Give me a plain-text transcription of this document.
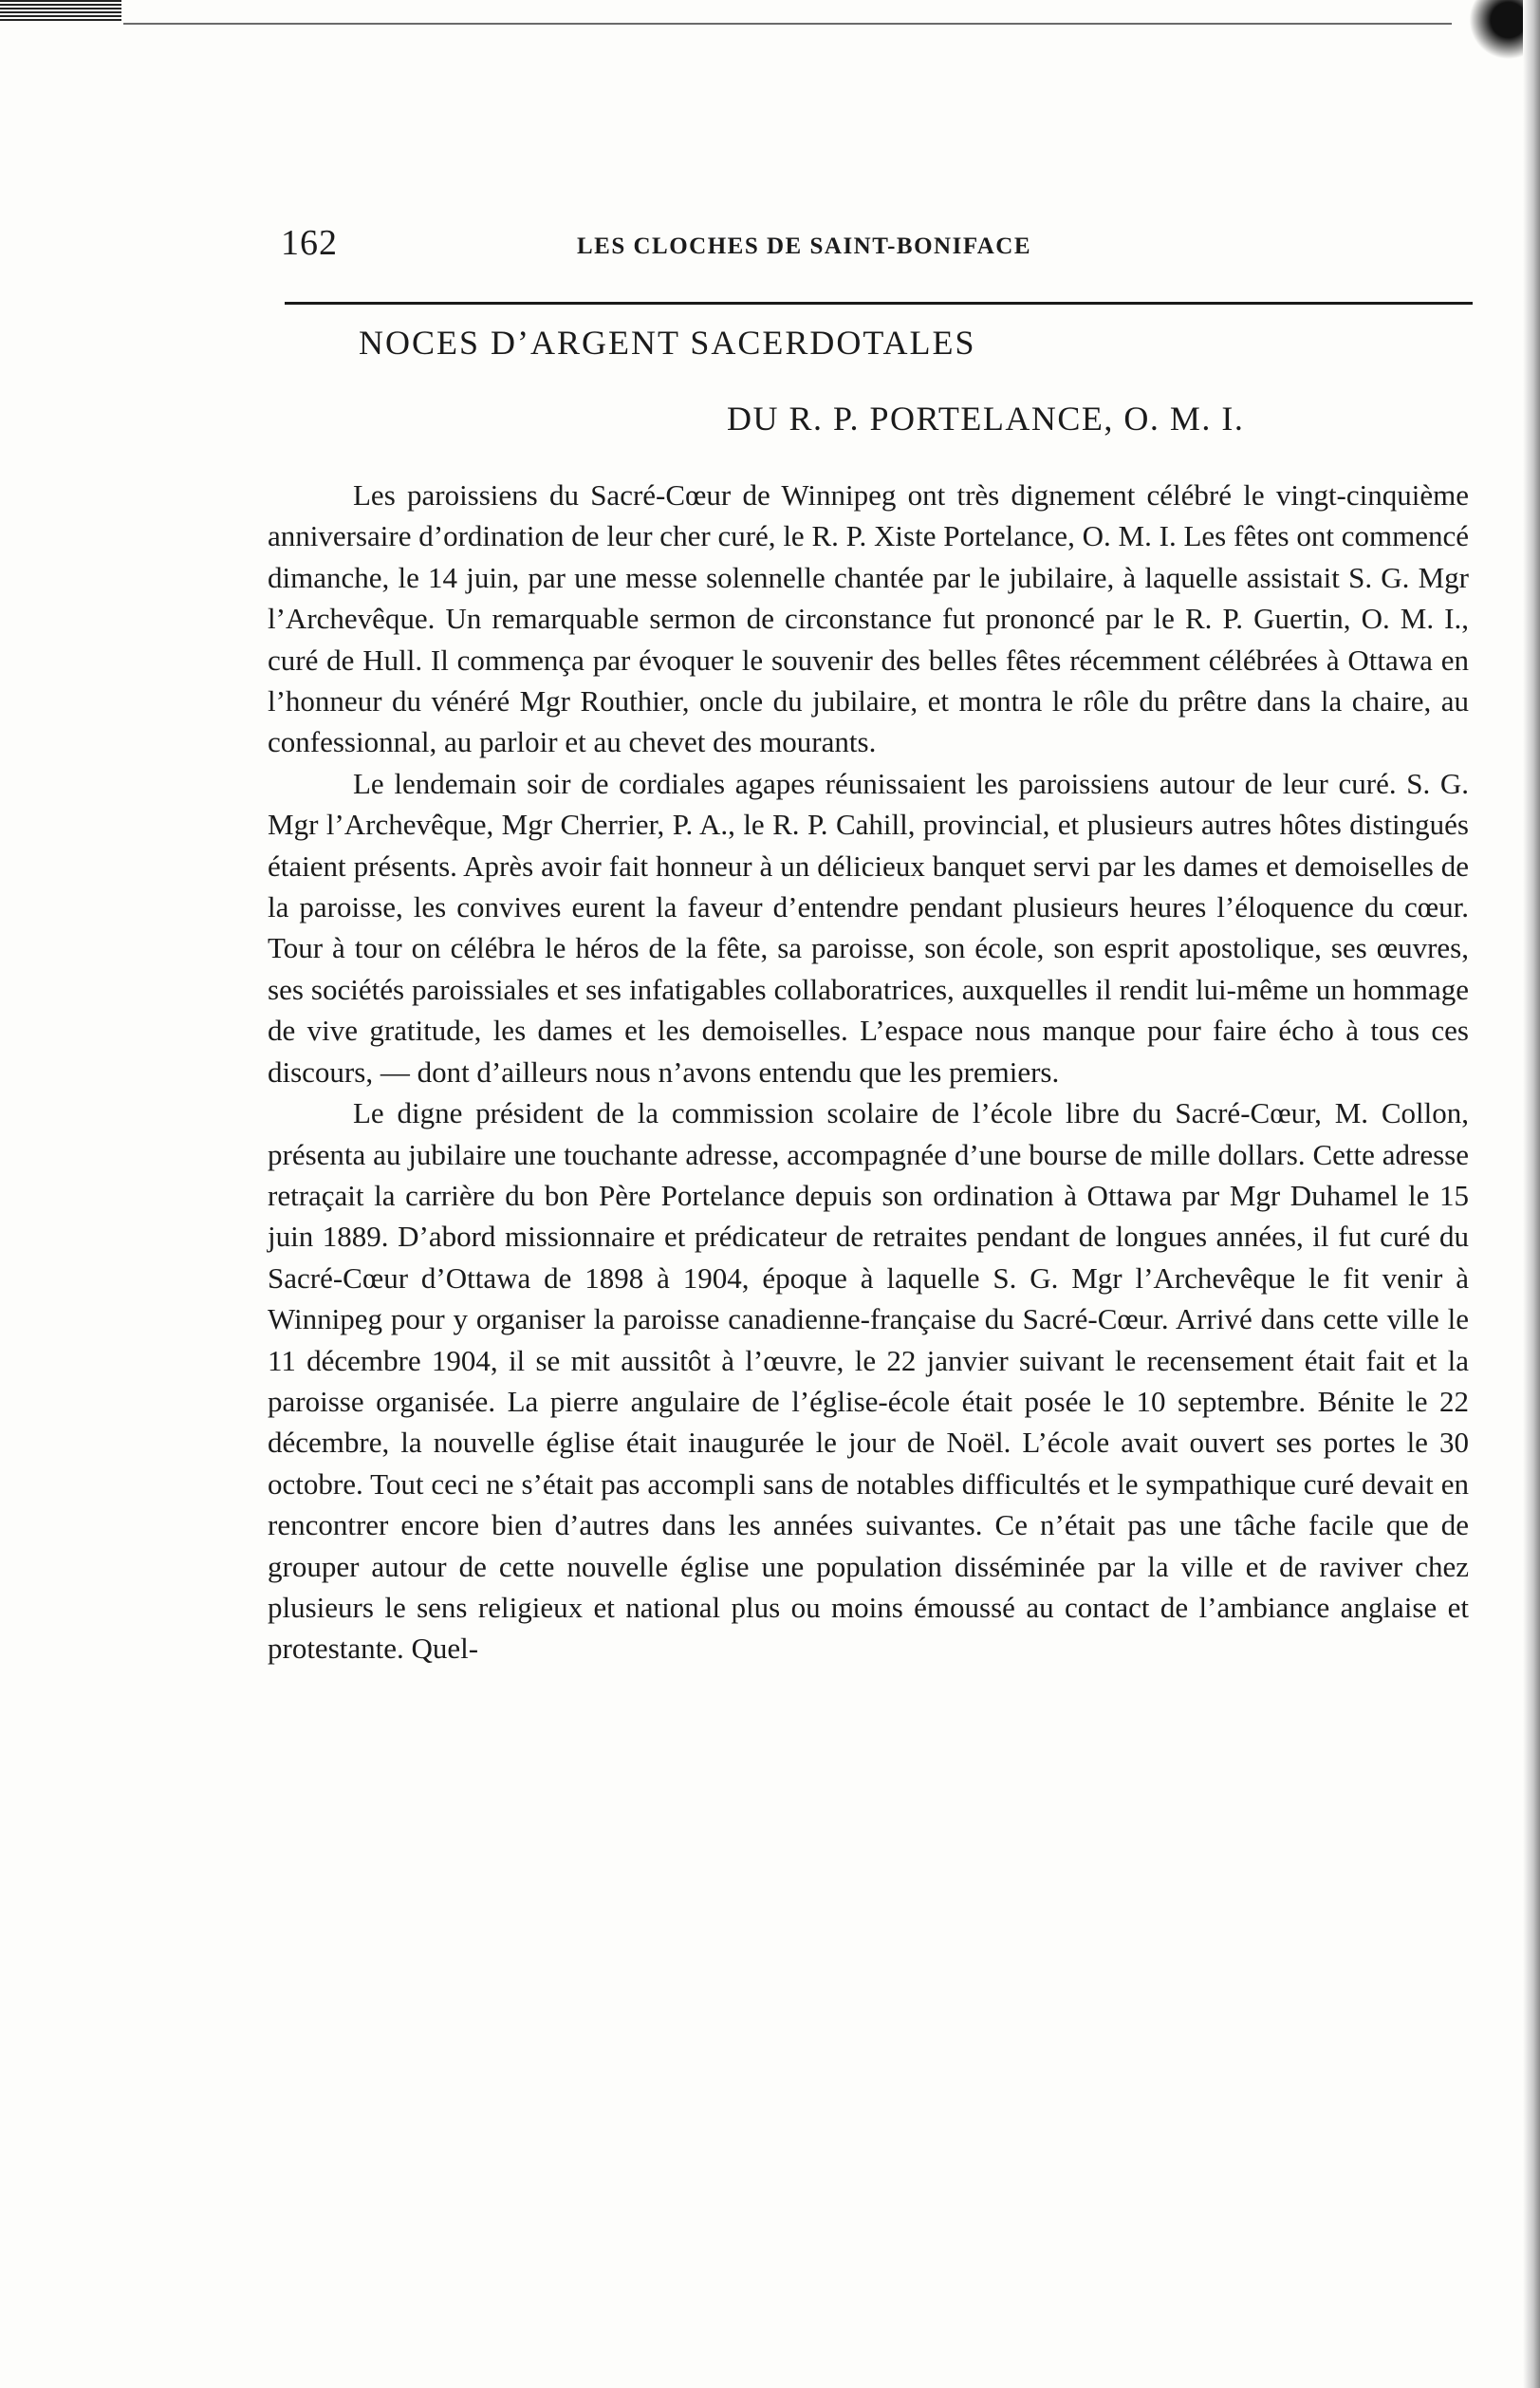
162	LES CLOCHES DE SAINT-BONIFACE
NOCES D’ARGENT SACERDOTALES
DU R. P. PORTELANCE, O. M. I.

Les paroissiens du Sacré-Cœur de Winnipeg ont très dignement célébré le vingt-cinquième anniversaire d’ordination de leur cher curé, le R. P. Xiste Portelance, O. M. I. Les fêtes ont commencé dimanche, le 14 juin, par une messe solennelle chantée par le jubilaire, à laquelle assistait S. G. Mgr l’Archevêque. Un remarquable sermon de circonstance fut prononcé par le R. P. Guertin, O. M. I., curé de Hull. Il commença par évoquer le souvenir des belles fêtes récemment célébrées à Ottawa en l’honneur du vénéré Mgr Routhier, oncle du jubilaire, et montra le rôle du prêtre dans la chaire, au confessionnal, au parloir et au chevet des mourants.

Le lendemain soir de cordiales agapes réunissaient les paroissiens autour de leur curé. S. G. Mgr l’Archevêque, Mgr Cherrier, P. A., le R. P. Cahill, provincial, et plusieurs autres hôtes distingués étaient présents. Après avoir fait honneur à un délicieux banquet servi par les dames et demoiselles de la paroisse, les convives eurent la faveur d’entendre pendant plusieurs heures l’éloquence du cœur. Tour à tour on célébra le héros de la fête, sa paroisse, son école, son esprit apostolique, ses œuvres, ses sociétés paroissiales et ses infatigables collaboratrices, auxquelles il rendit lui-même un hommage de vive gratitude, les dames et les demoiselles. L’espace nous manque pour faire écho à tous ces discours, — dont d’ailleurs nous n’avons entendu que les premiers.

Le digne président de la commission scolaire de l’école libre du Sacré-Cœur, M. Collon, présenta au jubilaire une touchante adresse, accompagnée d’une bourse de mille dollars. Cette adresse retraçait la carrière du bon Père Portelance depuis son ordination à Ottawa par Mgr Duhamel le 15 juin 1889. D’abord missionnaire et prédicateur de retraites pendant de longues années, il fut curé du Sacré-Cœur d’Ottawa de 1898 à 1904, époque à laquelle S. G. Mgr l’Archevêque le fit venir à Winnipeg pour y organiser la paroisse canadienne-française du Sacré-Cœur. Arrivé dans cette ville le 11 décembre 1904, il se mit aussitôt à l’œuvre, le 22 janvier suivant le recensement était fait et la paroisse organisée. La pierre angulaire de l’église-école était posée le 10 septembre. Bénite le 22 décembre, la nouvelle église était inaugurée le jour de Noël. L’école avait ouvert ses portes le 30 octobre. Tout ceci ne s’était pas accompli sans de notables difficultés et le sympathique curé devait en rencontrer encore bien d’autres dans les années suivantes. Ce n’était pas une tâche facile que de grouper autour de cette nouvelle église une population disséminée par la ville et de raviver chez plusieurs le sens religieux et national plus ou moins émoussé au contact de l’ambiance anglaise et protestante. Quel-
